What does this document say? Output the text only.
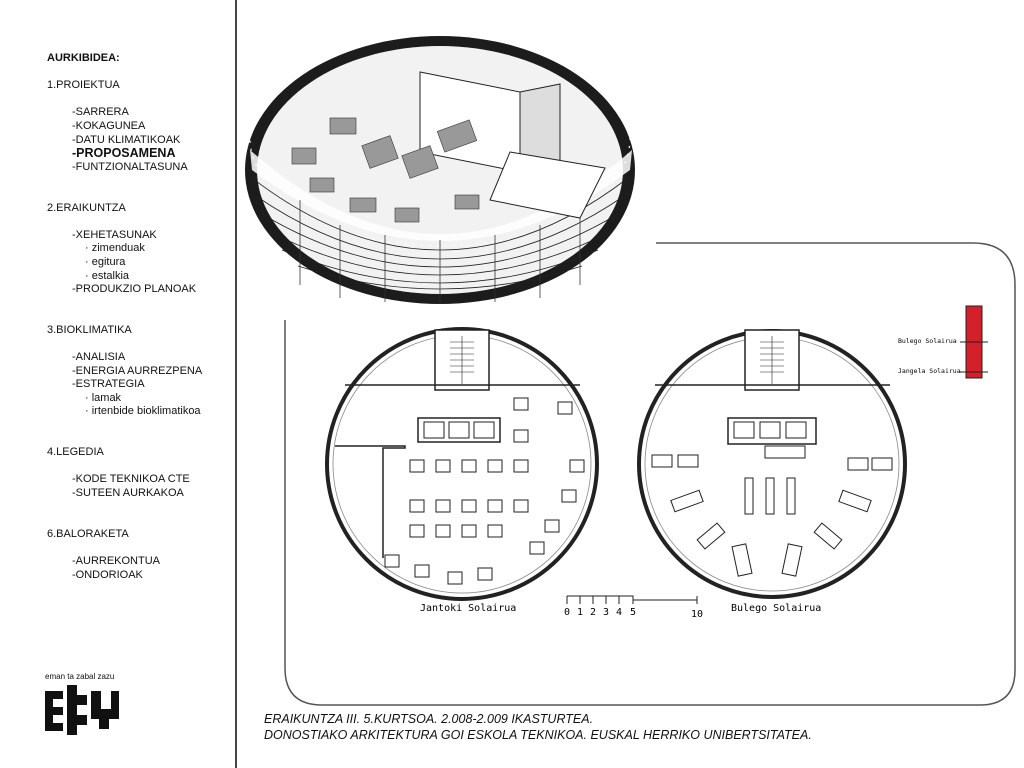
AURKIBIDEA:
1.PROIEKTUA
-SARRERA
-KOKAGUNEA
-DATU KLIMATIKOAK
-PROPOSAMENA
-FUNTZIONALTASUNA
2.ERAIKUNTZA
-XEHETASUNAK
· zimenduak
· egitura
· estalkia
-PRODUKZIO PLANOAK
3.BIOKLIMATIKA
-ANALISIA
-ENERGIA AURREZPENA
-ESTRATEGIA
· lamak
· irtenbide bioklimatikoa
4.LEGEDIA
-KODE TEKNIKOA CTE
-SUTEEN AURKAKOA
6.BALORAKETA
-AURREKONTUA
-ONDORIOAK
eman ta zabal zazu
0 1 2 3 4 5	10
Jantoki Solairua	Bulego Solairua
Bulego Solairua
Jangela Solairua
ERAIKUNTZA III. 5.KURTSOA. 2.008-2.009 IKASTURTEA.
DONOSTIAKO ARKITEKTURA GOI ESKOLA TEKNIKOA. EUSKAL HERRIKO UNIBERTSITATEA.
